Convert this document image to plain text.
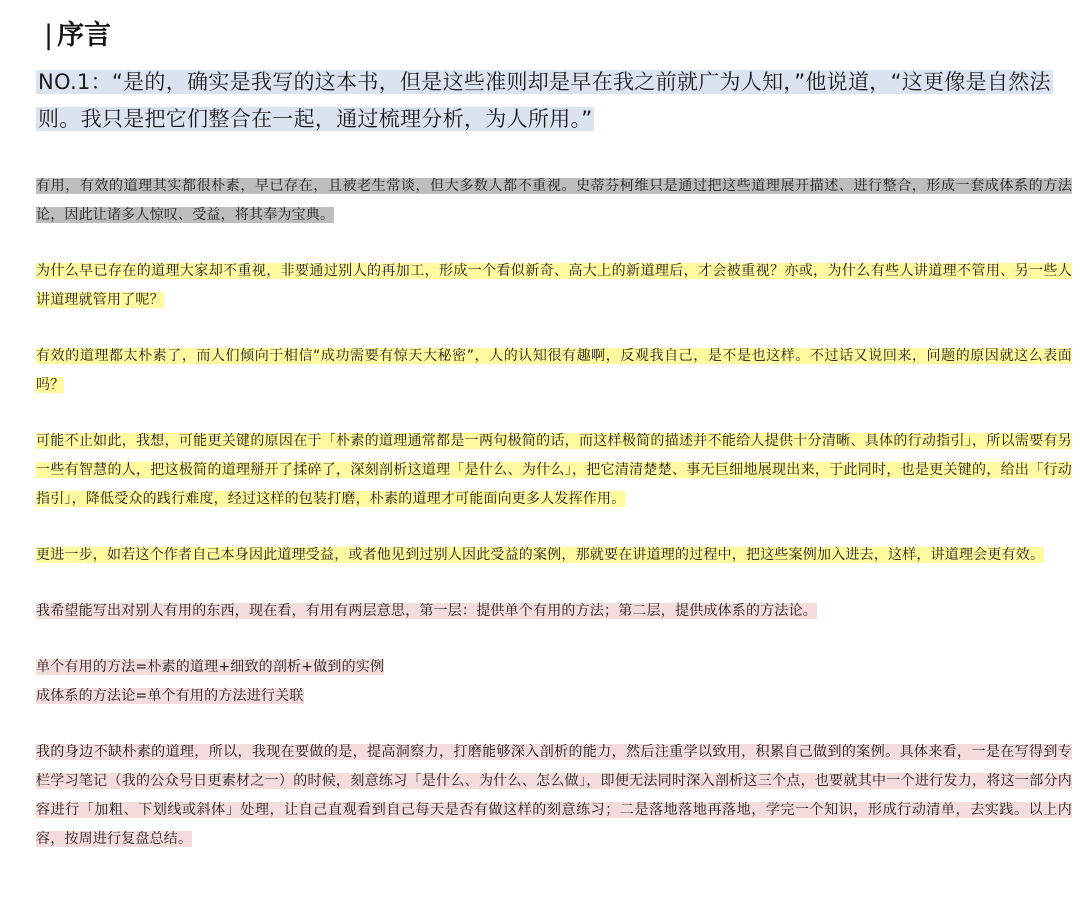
| 序言
NO.1：“是的，确实是我写的这本书，但是这些准则却是早在我之前就广为人知，”他说道，“这更像是自然法则。我只是把它们整合在一起，通过梳理分析，为人所用。”

有用，有效的道理其实都很朴素，早已存在，且被老生常谈，但大多数人都不重视。史蒂芬柯维只是通过把这些道理展开描述、进行整合，形成一套成体系的方法论，因此让诸多人惊叹、受益，将其奉为宝典。

为什么早已存在的道理大家却不重视，非要通过别人的再加工，形成一个看似新奇、高大上的新道理后，才会被重视？亦或，为什么有些人讲道理不管用、另一些人讲道理就管用了呢？

有效的道理都太朴素了，而人们倾向于相信“成功需要有惊天大秘密”，人的认知很有趣啊，反观我自己，是不是也这样。不过话又说回来，问题的原因就这么表面吗？

可能不止如此，我想，可能更关键的原因在于「朴素的道理通常都是一两句极简的话，而这样极简的描述并不能给人提供十分清晰、具体的行动指引」，所以需要有另一些有智慧的人，把这极简的道理掰开了揉碎了，深刻剖析这道理「是什么、为什么」，把它清清楚楚、事无巨细地展现出来，于此同时，也是更关键的，给出「行动指引」，降低受众的践行难度，经过这样的包装打磨，朴素的道理才可能面向更多人发挥作用。

更进一步，如若这个作者自己本身因此道理受益，或者他见到过别人因此受益的案例，那就要在讲道理的过程中，把这些案例加入进去，这样，讲道理会更有效。

我希望能写出对别人有用的东西，现在看，有用有两层意思，第一层：提供单个有用的方法；第二层，提供成体系的方法论。

单个有用的方法=朴素的道理+细致的剖析+做到的实例

成体系的方法论=单个有用的方法进行关联

我的身边不缺朴素的道理，所以，我现在要做的是，提高洞察力，打磨能够深入剖析的能力，然后注重学以致用，积累自己做到的案例。具体来看，一是在写得到专栏学习笔记（我的公众号日更素材之一）的时候，刻意练习「是什么、为什么、怎么做」，即便无法同时深入剖析这三个点，也要就其中一个进行发力，将这一部分内容进行「加粗、下划线或斜体」处理，让自己直观看到自己每天是否有做这样的刻意练习；二是落地落地再落地，学完一个知识，形成行动清单，去实践。以上内容，按周进行复盘总结。
